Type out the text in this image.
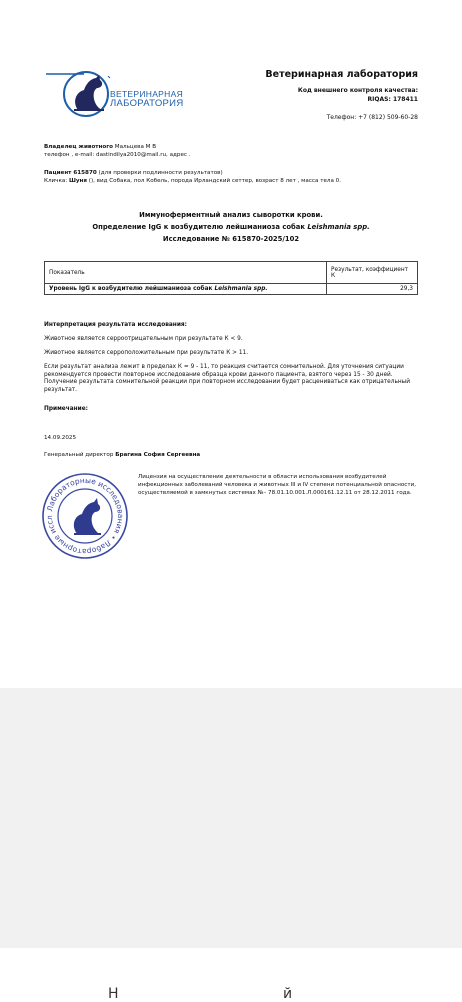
ВЕТЕРИНАРНАЯ
ЛАБОРАТОРИЯ
Ветеринарная лаборатория
Код внешнего контроля качества:
RIQAS: 178411
Телефон: +7 (812) 509-60-28
Владелец животного Мальцева М В
телефон , e-mail: dastindilya2010@mail.ru, адрес .
Пациент 615870 (для проверки подлинности результатов)
Кличка: Шуня (), вид Собака, пол Кобель, порода Ирландский сеттер, возраст 8 лет , масса тела 0.
Иммуноферментный анализ сыворотки крови.
Определение IgG к возбудителю лейшманиоза собак Leishmania spp.
Исследование № 615870-2025/102
Показатель	Результат, коэффициент К
Уровень IgG к возбудителю лейшманиоза собак Leishmania spp.	29,3
Интерпретация результата исследования:
Животное является серроотрицательным при результате К < 9.
Животное является серроположительным при результате К > 11.
Если результат анализа лежит в пределах К = 9 - 11, то реакция считается сомнительной. Для уточнения ситуации рекомендуется провести повторное исследование образца крови данного пациента, взятого через 15 - 30 дней. Получение результата сомнительной реакции при повторном исследовании будет расцениваться как отрицательный результат.
Примечание:
14.09.2025
Генеральный директор Брагина София Сергеевна
Лабораторные исследования • Лабораторные иссл
Лицензия на осуществление деятельности в области использования возбудителей инфекционных заболеваний человека и животных III и IV степени потенциальной опасности, осуществляемой в замкнутых системах №– 78.01.10.001.Л.000161.12.11 от 28.12.2011 года.
Н й
